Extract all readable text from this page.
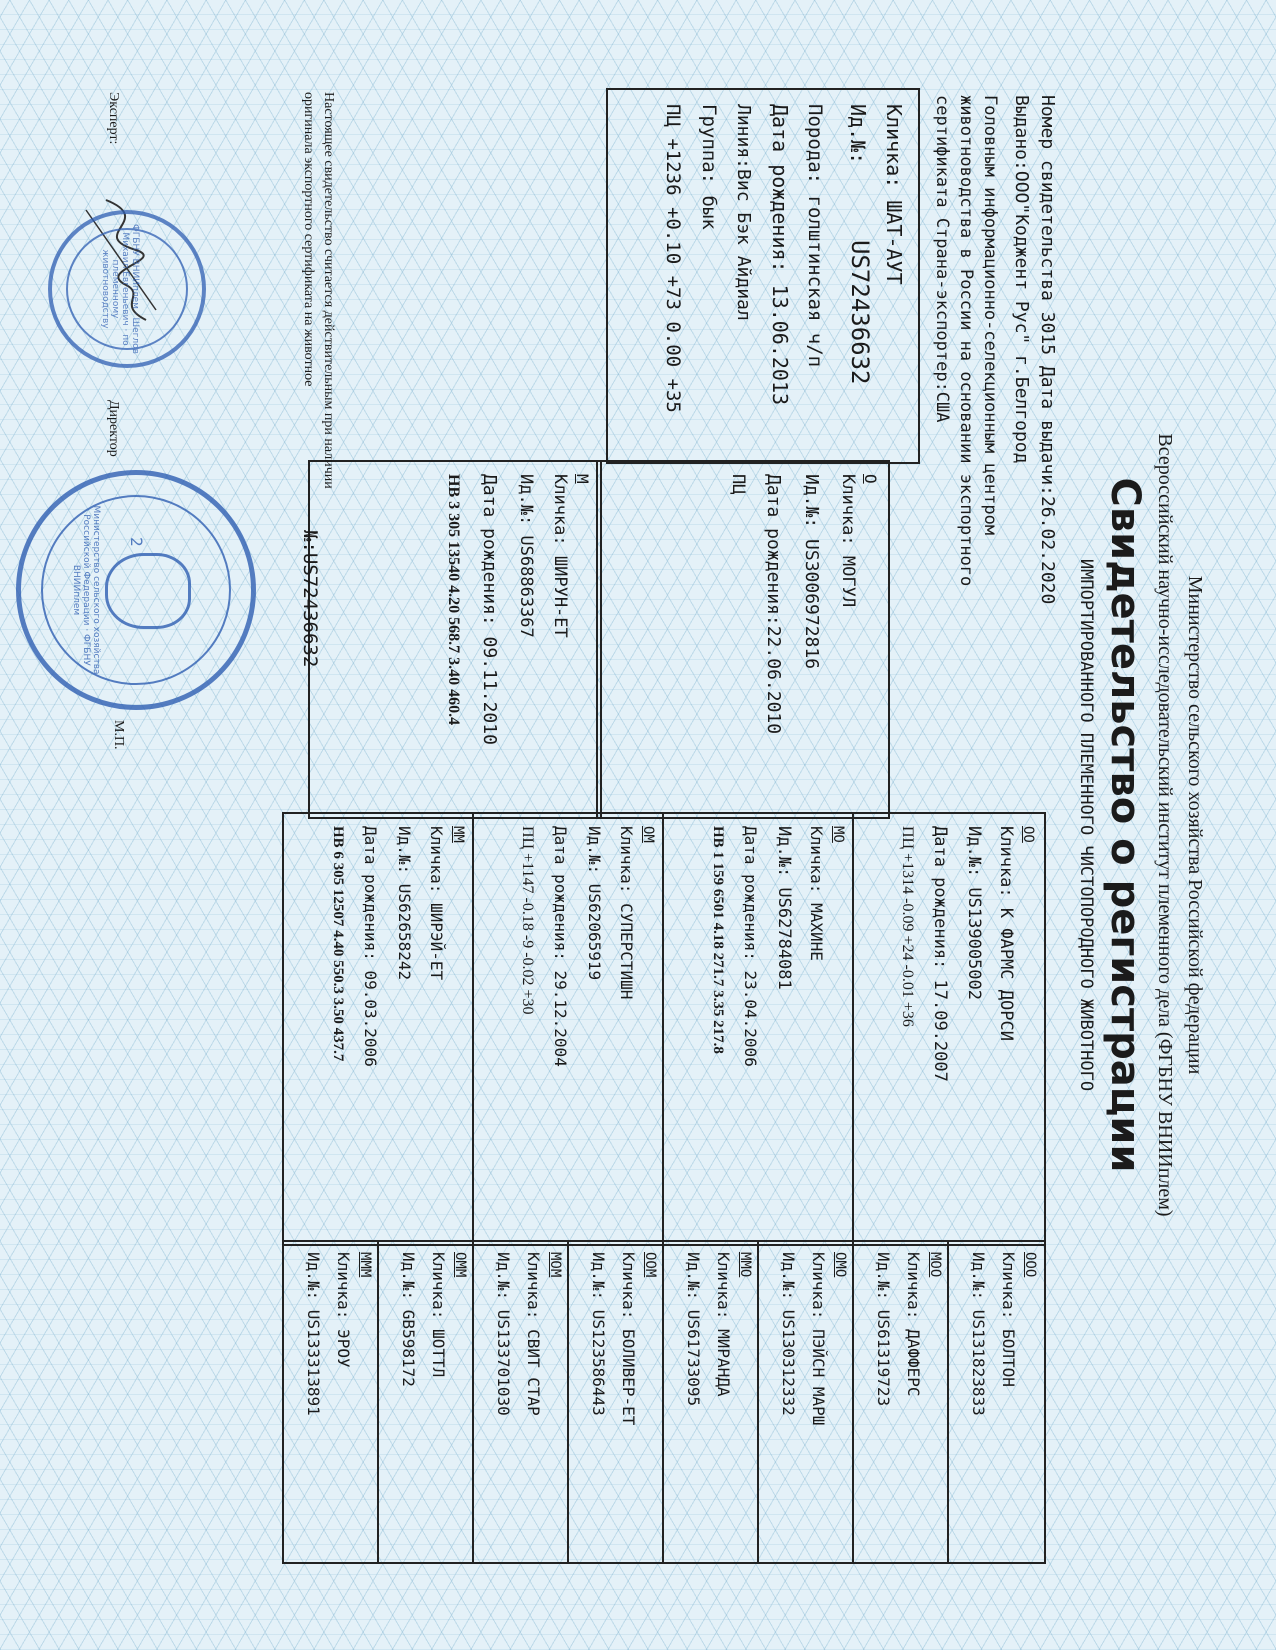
Министерство сельского хозяйства Российской федерации
Всероссийский научно-исследовательский институт племенного дела (ФГБНУ ВНИИплем)
Свидетельство о регистрации
ИМПОРТИРОВАННОГО ПЛЕМЕННОГО ЧИСТОПОРОДНОГО ЖИВОТНОГО
Номер свидетельства 3015 Дата выдачи:26.02.2020
Выдано:ООО"Коджент Рус" г.Белгород
Головным информационно-селекционным центром
животноводства в России на основании экспортного
сертификата Страна-экспортер:США
Кличка: ШАТ-АУТ
Ид.№:
US72436632
Порода: голштинская ч/п
Дата рождения: 13.06.2013
Линия:Вис Бэк Айдиал
Группа: бык
ПЦ +1236 +0.10 +73 0.00 +35
О
Кличка: МОГУЛ
Ид.№: US3006972816
Дата рождения:22.06.2010
ПЦ
М
Кличка: ШИРУН-ЕТ
Ид.№: US68863367
Дата рождения: 09.11.2010
НВ 3 305 13540 4.20 568.7 3.40 460.4
ОО
Кличка: К ФАРМС ДОРСИ
Ид.№: US139005002
Дата рождения: 17.09.2007
ПЦ +1314 -0.09 +24 -0.01 +36
МО
Кличка: МАХИНЕ
Ид.№: US62784081
Дата рождения: 23.04.2006
НВ 1 159 6501 4.18 271.7 3.35 217.8
ОМ
Кличка: СУПЕРСТИШН
Ид.№: US62065919
Дата рождения: 29.12.2004
ПЦ +1147 -0.18 -9 -0.02 +30
ММ
Кличка: ШИРЭЙ-ЕТ
Ид.№: US62658242
Дата рождения: 09.03.2006
НВ 6 305 12507 4.40 550.3 3.50 437.7
ООО
Кличка: БОЛТОН
Ид.№: US131823833
МОО
Кличка: ДАФФЕРС
Ид.№: US61319723
ОМО
Кличка: ПЭЙСН МАРШ
Ид.№: US130312332
ММО
Кличка: МИРАНДА
Ид.№: US61733095
ООМ
Кличка: БОЛИВЕР-ЕТ
Ид.№: US123586443
МОМ
Кличка: СВИТ СТАР
Ид.№: US133701030
ОММ
Кличка: ШОТТЛ
Ид.№: GB598172
МММ
Кличка: ЭРОУ
Ид.№: US133313891
Настоящее свидетельство считается действительным при наличии
оригинала экспортного сертификата на животное
№:US72436632
Эксперт:
Директор
М.П.
ФГБНУ ВНИИплем · Шеглов Михаил Евгеньевич · по племенному животноводству
Министерство сельского хозяйства Российской Федерации · ФГБНУ ВНИИплем
2
